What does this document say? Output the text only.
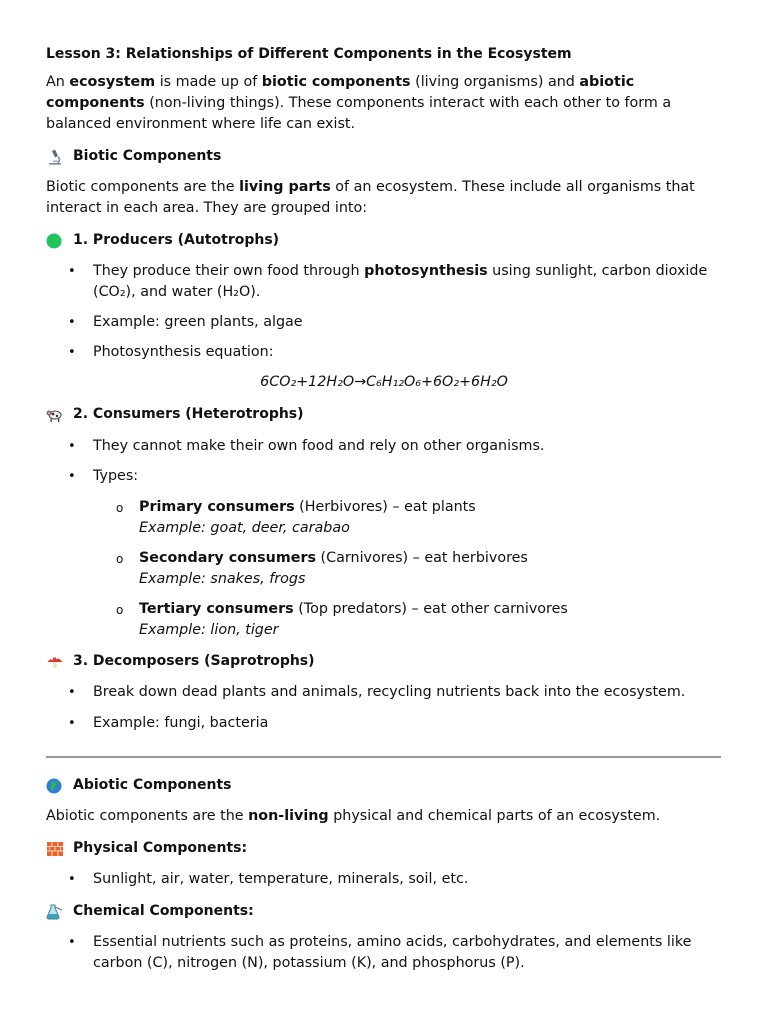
Lesson 3: Relationships of Different Components in the Ecosystem

An ecosystem is made up of biotic components (living organisms) and abiotic components (non-living things). These components interact with each other to form a balanced environment where life can exist.

Biotic Components

Biotic components are the living parts of an ecosystem. These include all organisms that interact in each area. They are grouped into:

1. Producers (Autotrophs)

• They produce their own food through photosynthesis using sunlight, carbon dioxide (CO₂), and water (H₂O).

• Example: green plants, algae

• Photosynthesis equation:

6CO₂+12H₂O→C₆H₁₂O₆+6O₂+6H₂O
2. Consumers (Heterotrophs)

• They cannot make their own food and rely on other organisms.

• Types:

o Primary consumers (Herbivores) – eat plants
Example: goat, deer, carabao
o Secondary consumers (Carnivores) – eat herbivores
Example: snakes, frogs
o Tertiary consumers (Top predators) – eat other carnivores
Example: lion, tiger
3. Decomposers (Saprotrophs)

• Break down dead plants and animals, recycling nutrients back into the ecosystem.

• Example: fungi, bacteria

Abiotic Components

Abiotic components are the non-living physical and chemical parts of an ecosystem.

Physical Components:

• Sunlight, air, water, temperature, minerals, soil, etc.

Chemical Components:

• Essential nutrients such as proteins, amino acids, carbohydrates, and elements like carbon (C), nitrogen (N), potassium (K), and phosphorus (P).
